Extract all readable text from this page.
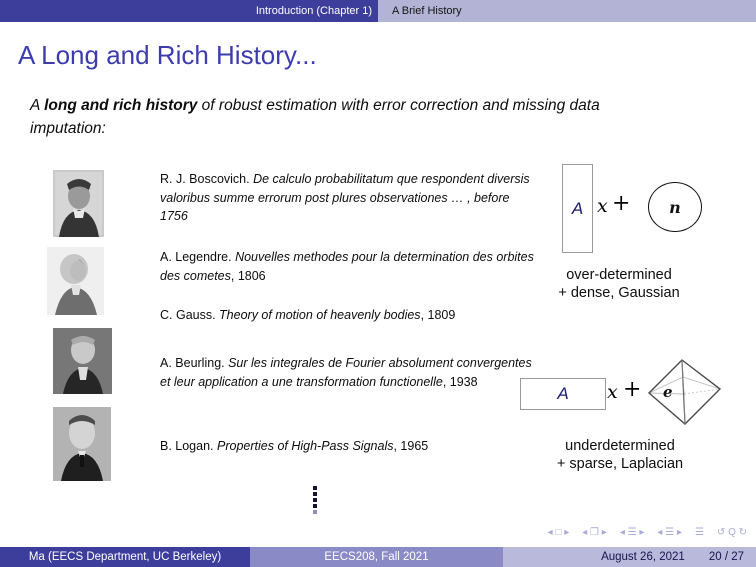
Introduction (Chapter 1) A Brief History
A Long and Rich History...
A long and rich history of robust estimation with error correction and missing data imputation:
R. J. Boscovich. De calculo probabilitatum que respondent diversis valoribus summe errorum post plures observationes … , before 1756
A. Legendre. Nouvelles methodes pour la determination des orbites des cometes, 1806
C. Gauss. Theory of motion of heavenly bodies, 1809
A. Beurling. Sur les integrales de Fourier absolument convergentes et leur application a une transformation functionelle, 1938
B. Logan. Properties of High-Pass Signals, 1965
A x + n
over-determined
+ dense, Gaussian
A x + e
underdetermined
+ sparse, Laplacian
◂ □ ▸ ◂ ❐ ▸ ◂ ☰ ▸ ◂ ☰ ▸ ☰ ↺ Q ↻
Ma (EECS Department, UC Berkeley)	EECS208, Fall 2021	August 26, 2021 20 / 27
